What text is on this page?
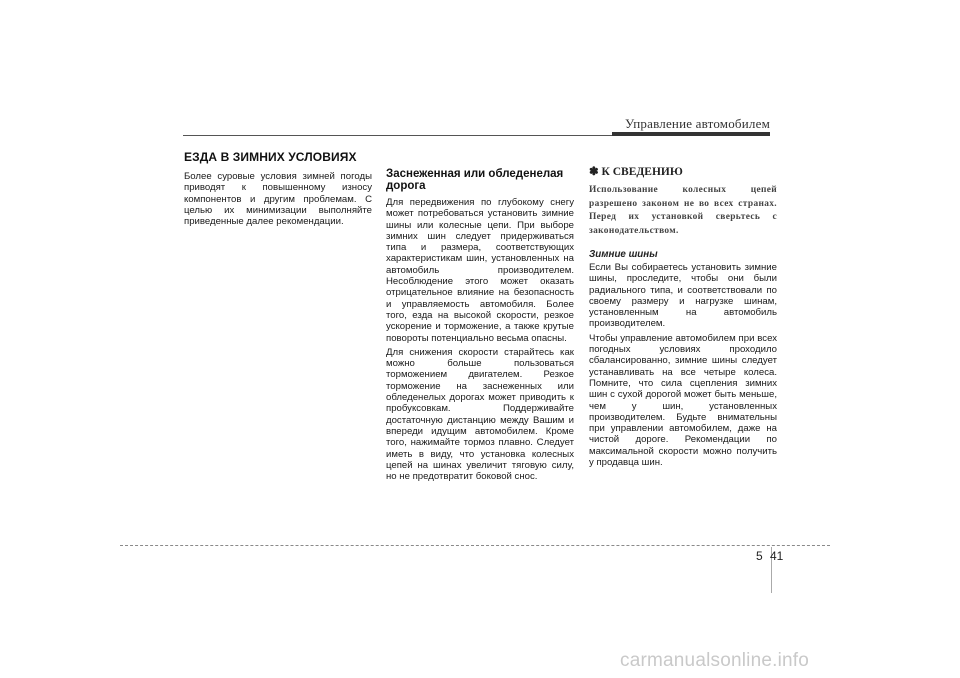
Управление автомобилем
ЕЗДА В ЗИМНИХ УСЛОВИЯХ

Более суровые условия зимней погоды приводят к повышенному износу компонентов и другим проблемам. С целью их минимизации выполняйте приведенные далее рекомендации.

Заснеженная или обледенелая дорога

Для передвижения по глубокому снегу может потребоваться установить зимние шины или колесные цепи. При выборе зимних шин следует придерживаться типа и размера, соответствующих характеристикам шин, установленных на автомобиль производителем. Несоблюдение этого может оказать отрицательное влияние на безопасность и управляемость автомобиля. Более того, езда на высокой скорости, резкое ускорение и торможение, а также крутые повороты потенциально весьма опасны.

Для снижения скорости старайтесь как можно больше пользоваться торможением двигателем. Резкое торможение на заснеженных или обледенелых дорогах может приводить к пробуксовкам. Поддерживайте достаточную дистанцию между Вашим и впереди идущим автомобилем. Кроме того, нажимайте тормоз плавно. Следует иметь в виду, что установка колесных цепей на шинах увеличит тяговую силу, но не предотвратит боковой снос.

✽ К СВЕДЕНИЮ

Использование колесных цепей разрешено законом не во всех странах. Перед их установкой сверьтесь с законодательством.

Зимние шины

Если Вы собираетесь установить зимние шины, проследите, чтобы они были радиального типа, и соответствовали по своему размеру и нагрузке шинам, установленным на автомобиль производителем.

Чтобы управление автомобилем при всех погодных условиях проходило сбалансированно, зимние шины следует устанавливать на все четыре колеса. Помните, что сила сцепления зимних шин с сухой дорогой может быть меньше, чем у шин, установленных производителем. Будьте внимательны при управлении автомобилем, даже на чистой дороге. Рекомендации по максимальной скорости можно получить у продавца шин.

5 41
carmanualsonline.info
